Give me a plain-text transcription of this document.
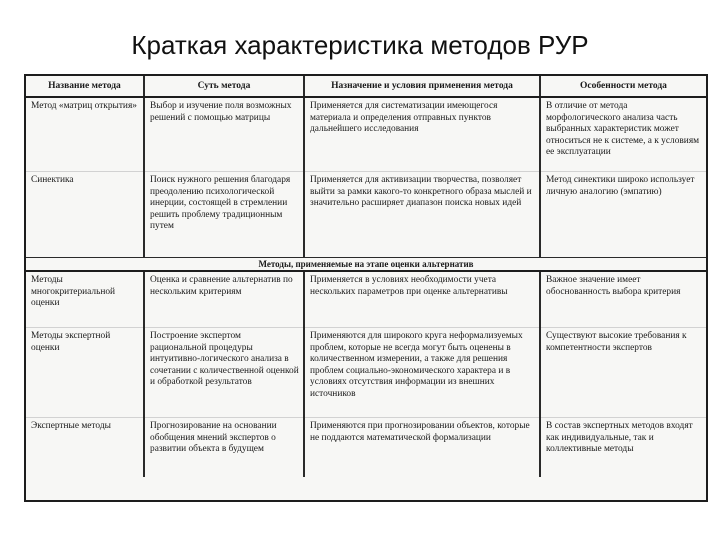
Краткая характеристика методов РУР
Название метода	Суть метода	Назначение и условия применения метода	Особенности метода
Метод «матриц открытия»	Выбор и изучение поля возможных решений с помощью матрицы	Применяется для систематизации имеющегося материала и определения отправных пунктов дальнейшего исследования	В отличие от метода морфологического анализа часть выбранных характеристик может относиться не к системе, а к условиям ее эксплуатации
Синектика	Поиск нужного решения благодаря преодолению психологической инерции, состоящей в стремлении решить проблему традиционным путем	Применяется для активизации творчества, позволяет выйти за рамки какого-то конкретного образа мыслей и значительно расширяет диапазон поиска новых идей	Метод синектики широко использует личную аналогию (эмпатию)
Методы, применяемые на этапе оценки альтернатив			
Методы многокритериальной оценки	Оценка и сравнение альтернатив по нескольким критериям	Применяется в условиях необходимости учета нескольких параметров при оценке альтернативы	Важное значение имеет обоснованность выбора критерия
Методы экспертной оценки	Построение экспертом рациональной процедуры интуитивно-логического анализа в сочетании с количественной оценкой и обработкой результатов	Применяются для широкого круга неформализуемых проблем, которые не всегда могут быть оценены в количественном измерении, а также для решения проблем социально-экономического характера и в условиях отсутствия информации из внешних источников	Существуют высокие требования к компетентности экспертов
Экспертные методы	Прогнозирование на основании обобщения мнений экспертов о развитии объекта в будущем	Применяются при прогнозировании объектов, которые не поддаются математической формализации	В состав экспертных методов входят как индивидуальные, так и коллективные методы
